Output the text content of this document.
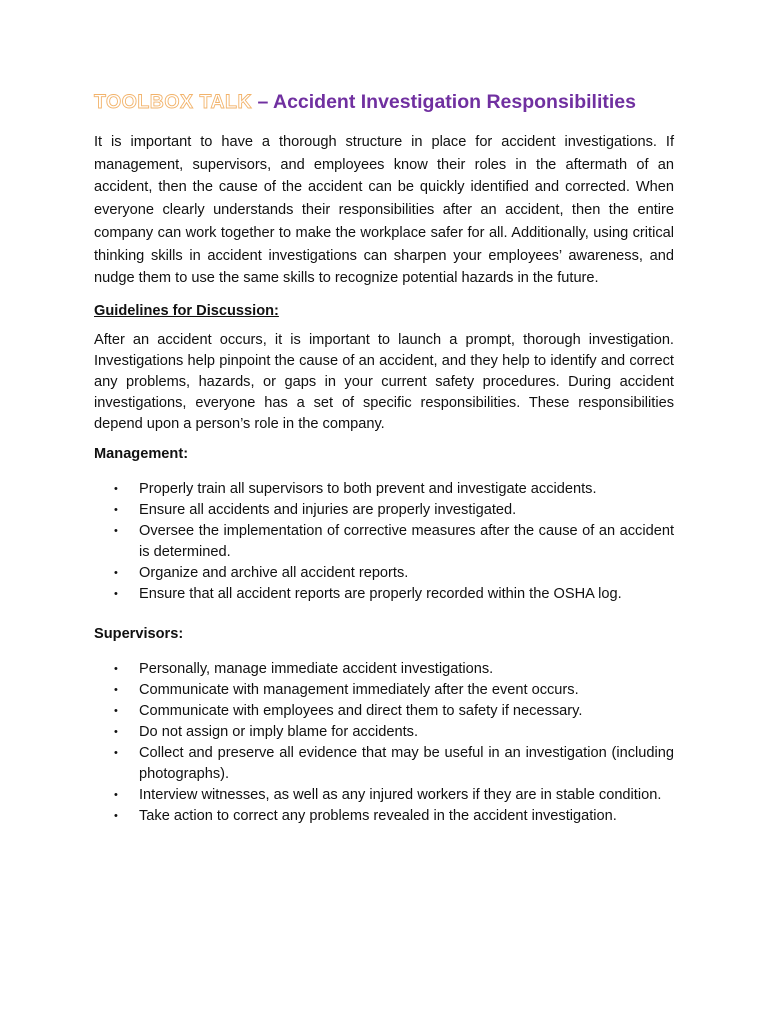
TOOLBOX TALK – Accident Investigation Responsibilities

It is important to have a thorough structure in place for accident investigations. If management, supervisors, and employees know their roles in the aftermath of an accident, then the cause of the accident can be quickly identified and corrected. When everyone clearly understands their responsibilities after an accident, then the entire company can work together to make the workplace safer for all. Additionally, using critical thinking skills in accident investigations can sharpen your employees’ awareness, and nudge them to use the same skills to recognize potential hazards in the future.

Guidelines for Discussion:

After an accident occurs, it is important to launch a prompt, thorough investigation. Investigations help pinpoint the cause of an accident, and they help to identify and correct any problems, hazards, or gaps in your current safety procedures. During accident investigations, everyone has a set of specific responsibilities. These responsibilities depend upon a person’s role in the company.

Management:
• Properly train all supervisors to both prevent and investigate accidents.
• Ensure all accidents and injuries are properly investigated.
• Oversee the implementation of corrective measures after the cause of an accident is determined.
• Organize and archive all accident reports.
• Ensure that all accident reports are properly recorded within the OSHA log.
Supervisors:
• Personally, manage immediate accident investigations.
• Communicate with management immediately after the event occurs.
• Communicate with employees and direct them to safety if necessary.
• Do not assign or imply blame for accidents.
• Collect and preserve all evidence that may be useful in an investigation (including photographs).
• Interview witnesses, as well as any injured workers if they are in stable condition.
• Take action to correct any problems revealed in the accident investigation.
